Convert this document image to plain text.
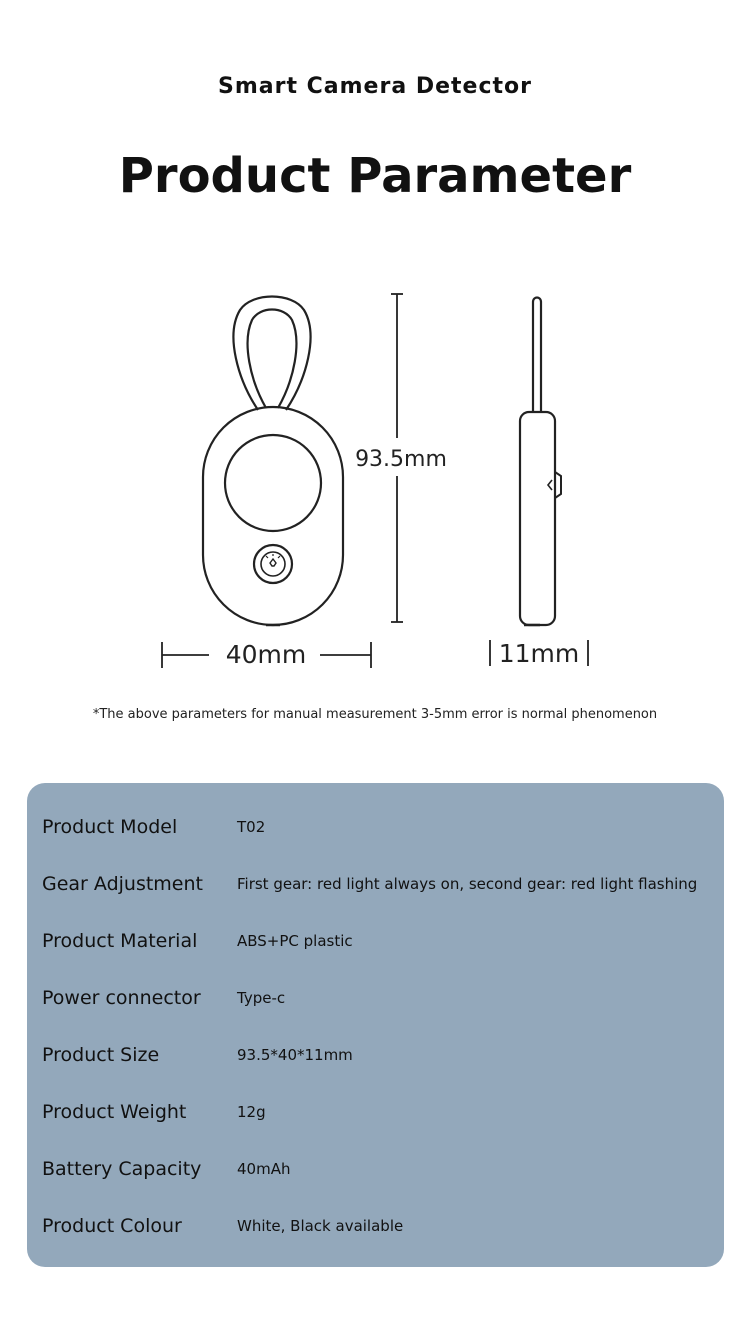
Smart Camera Detector
Product Parameter
93.5mm
40mm	11mm
*The above parameters for manual measurement 3-5mm error is normal phenomenon
Product Model	T02
Gear Adjustment First gear: red light always on, second gear: red light flashing
Product Material	ABS+PC plastic
Power connector Type-c
Product Size	93.5*40*11mm
Product Weight	12g
Battery Capacity 40mAh
Product Colour	White, Black available
